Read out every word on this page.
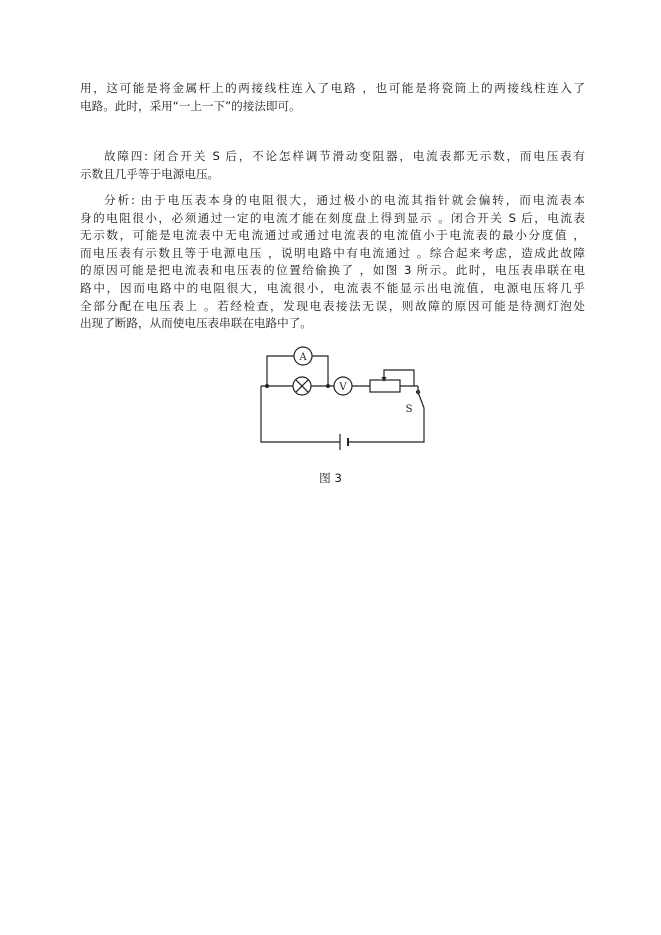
用，这可能是将金属杆上的两接线柱连入了电路 ，也可能是将瓷筒上的两接线柱连入了
电路。此时，采用“一上一下”的接法即可。
故障四: 闭合开关 S 后，不论怎样调节滑动变阻器，电流表都无示数，而电压表有
示数且几乎等于电源电压。
分析: 由于电压表本身的电阻很大，通过极小的电流其指针就会偏转，而电流表本
身的电阻很小，必须通过一定的电流才能在刻度盘上得到显示 。闭合开关 S 后，电流表
无示数，可能是电流表中无电流通过或通过电流表的电流值小于电流表的最小分度值 ，
而电压表有示数且等于电源电压 ，说明电路中有电流通过 。综合起来考虑，造成此故障
的原因可能是把电流表和电压表的位置给偷换了 ，如图 3 所示。此时，电压表串联在电
路中，因而电路中的电阻很大，电流很小，电流表不能显示出电流值，电源电压将几乎
全部分配在电压表上 。若经检查，发现电表接法无误，则故障的原因可能是待测灯泡处
出现了断路，从而使电压表串联在电路中了。
A
V
S
图 3
